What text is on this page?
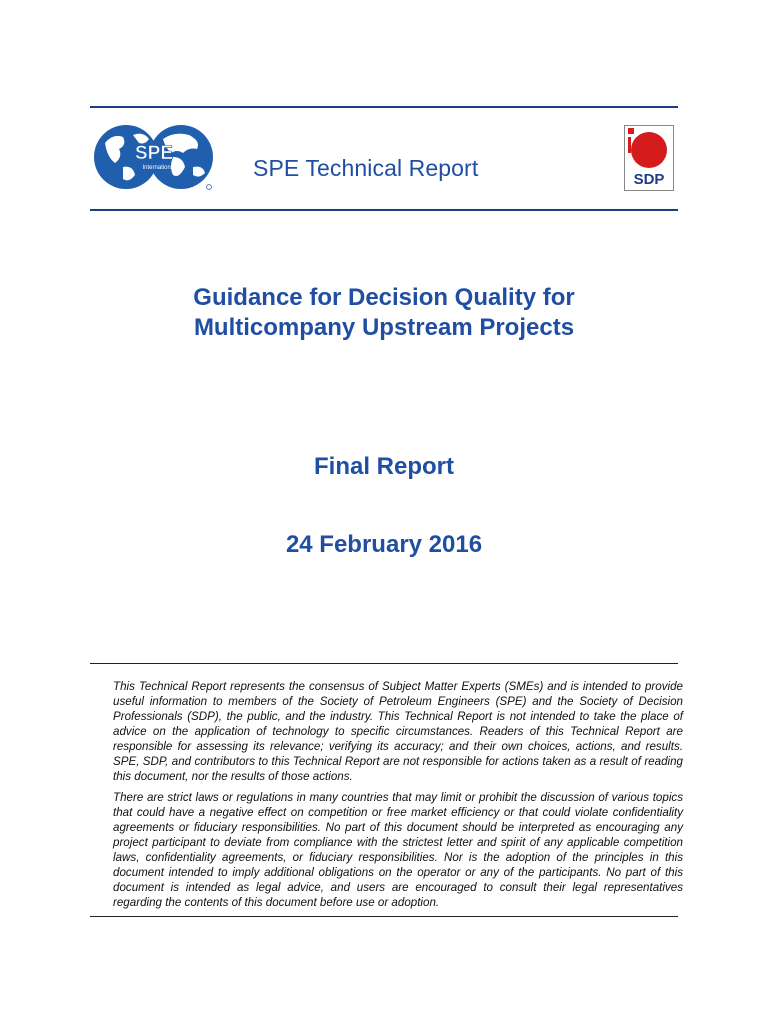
SPE
International	SPE Technical Report	SDP
Guidance for Decision Quality for
Multicompany Upstream Projects
Final Report
24 February 2016
This Technical Report represents the consensus of Subject Matter Experts (SMEs) and is intended to provide useful information to members of the Society of Petroleum Engineers (SPE) and the Society of Decision Professionals (SDP), the public, and the industry. This Technical Report is not intended to take the place of advice on the application of technology to specific circumstances. Readers of this Technical Report are responsible for assessing its relevance; verifying its accuracy; and their own choices, actions, and results. SPE, SDP, and contributors to this Technical Report are not responsible for actions taken as a result of reading this document, nor the results of those actions.
There are strict laws or regulations in many countries that may limit or prohibit the discussion of various topics that could have a negative effect on competition or free market efficiency or that could violate confidentiality agreements or fiduciary responsibilities. No part of this document should be interpreted as encouraging any project participant to deviate from compliance with the strictest letter and spirit of any applicable competition laws, confidentiality agreements, or fiduciary responsibilities. Nor is the adoption of the principles in this document intended to imply additional obligations on the operator or any of the participants. No part of this document is intended as legal advice, and users are encouraged to consult their legal representatives regarding the contents of this document before use or adoption.
